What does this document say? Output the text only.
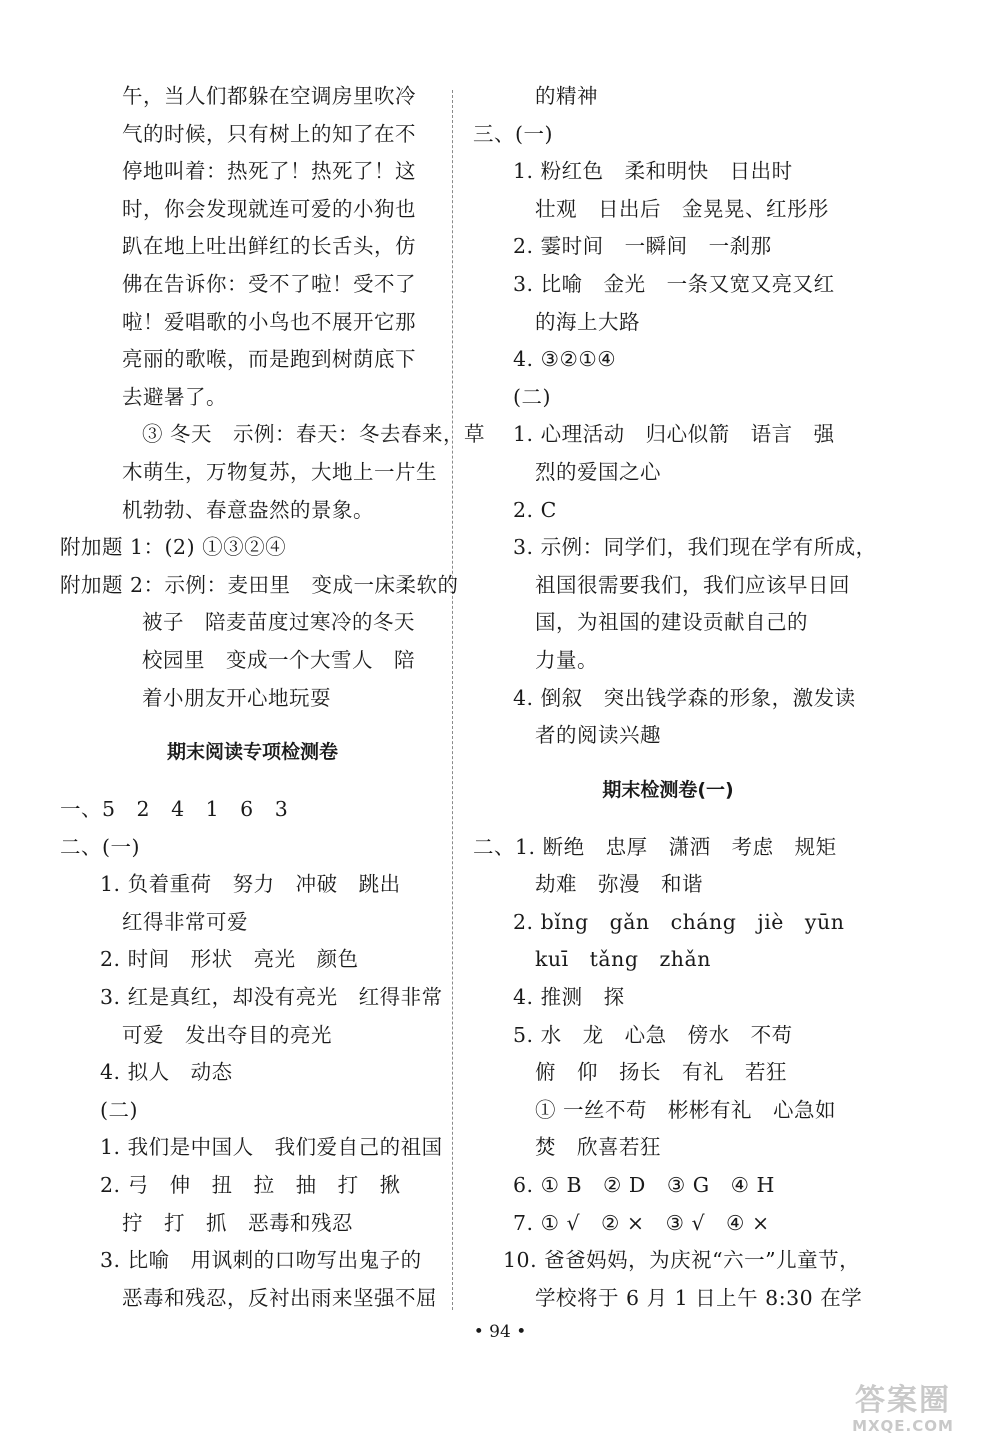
午，当人们都躲在空调房里吹冷
气的时候，只有树上的知了在不
停地叫着：热死了！热死了！这
时，你会发现就连可爱的小狗也
趴在地上吐出鲜红的长舌头，仿
佛在告诉你：受不了啦！受不了
啦！爱唱歌的小鸟也不展开它那
亮丽的歌喉，而是跑到树荫底下
去避暑了。
③ 冬天　示例：春天：冬去春来，草
木萌生，万物复苏，大地上一片生
机勃勃、春意盎然的景象。
附加题 1：(2) ①③②④
附加题 2：示例：麦田里　变成一床柔软的
被子　陪麦苗度过寒冷的冬天
校园里　变成一个大雪人　陪
着小朋友开心地玩耍
期末阅读专项检测卷
一、5　2　4　1　6　3
二、(一)
1. 负着重荷　努力　冲破　跳出
红得非常可爱
2. 时间　形状　亮光　颜色
3. 红是真红，却没有亮光　红得非常
可爱　发出夺目的亮光
4. 拟人　动态
(二)
1. 我们是中国人　我们爱自己的祖国
2. 弓　伸　扭　拉　抽　打　揪
拧　打　抓　恶毒和残忍
3. 比喻　用讽刺的口吻写出鬼子的
恶毒和残忍，反衬出雨来坚强不屈
的精神
三、(一)
1. 粉红色　柔和明快　日出时
壮观　日出后　金晃晃、红彤彤
2. 霎时间　一瞬间　一刹那
3. 比喻　金光　一条又宽又亮又红
的海上大路
4. ③②①④
(二)
1. 心理活动　归心似箭　语言　强
烈的爱国之心
2. C
3. 示例：同学们，我们现在学有所成，
祖国很需要我们，我们应该早日回
国，为祖国的建设贡献自己的
力量。
4. 倒叙　突出钱学森的形象，激发读
者的阅读兴趣
期末检测卷(一)
二、1. 断绝　忠厚　潇洒　考虑　规矩
劫难　弥漫　和谐
2. bǐng　gǎn　cháng　jiè　yūn
kuī　tǎng　zhǎn
4. 推测　探
5. 水　龙　心急　傍水　不苟
俯　仰　扬长　有礼　若狂
① 一丝不苟　彬彬有礼　心急如
焚　欣喜若狂
6. ① B　② D　③ G　④ H
7. ① √　② ×　③ √　④ ×
10. 爸爸妈妈，为庆祝“六一”儿童节，
学校将于 6 月 1 日上午 8:30 在学
• 94 •
答案圈
MXQE.COM
